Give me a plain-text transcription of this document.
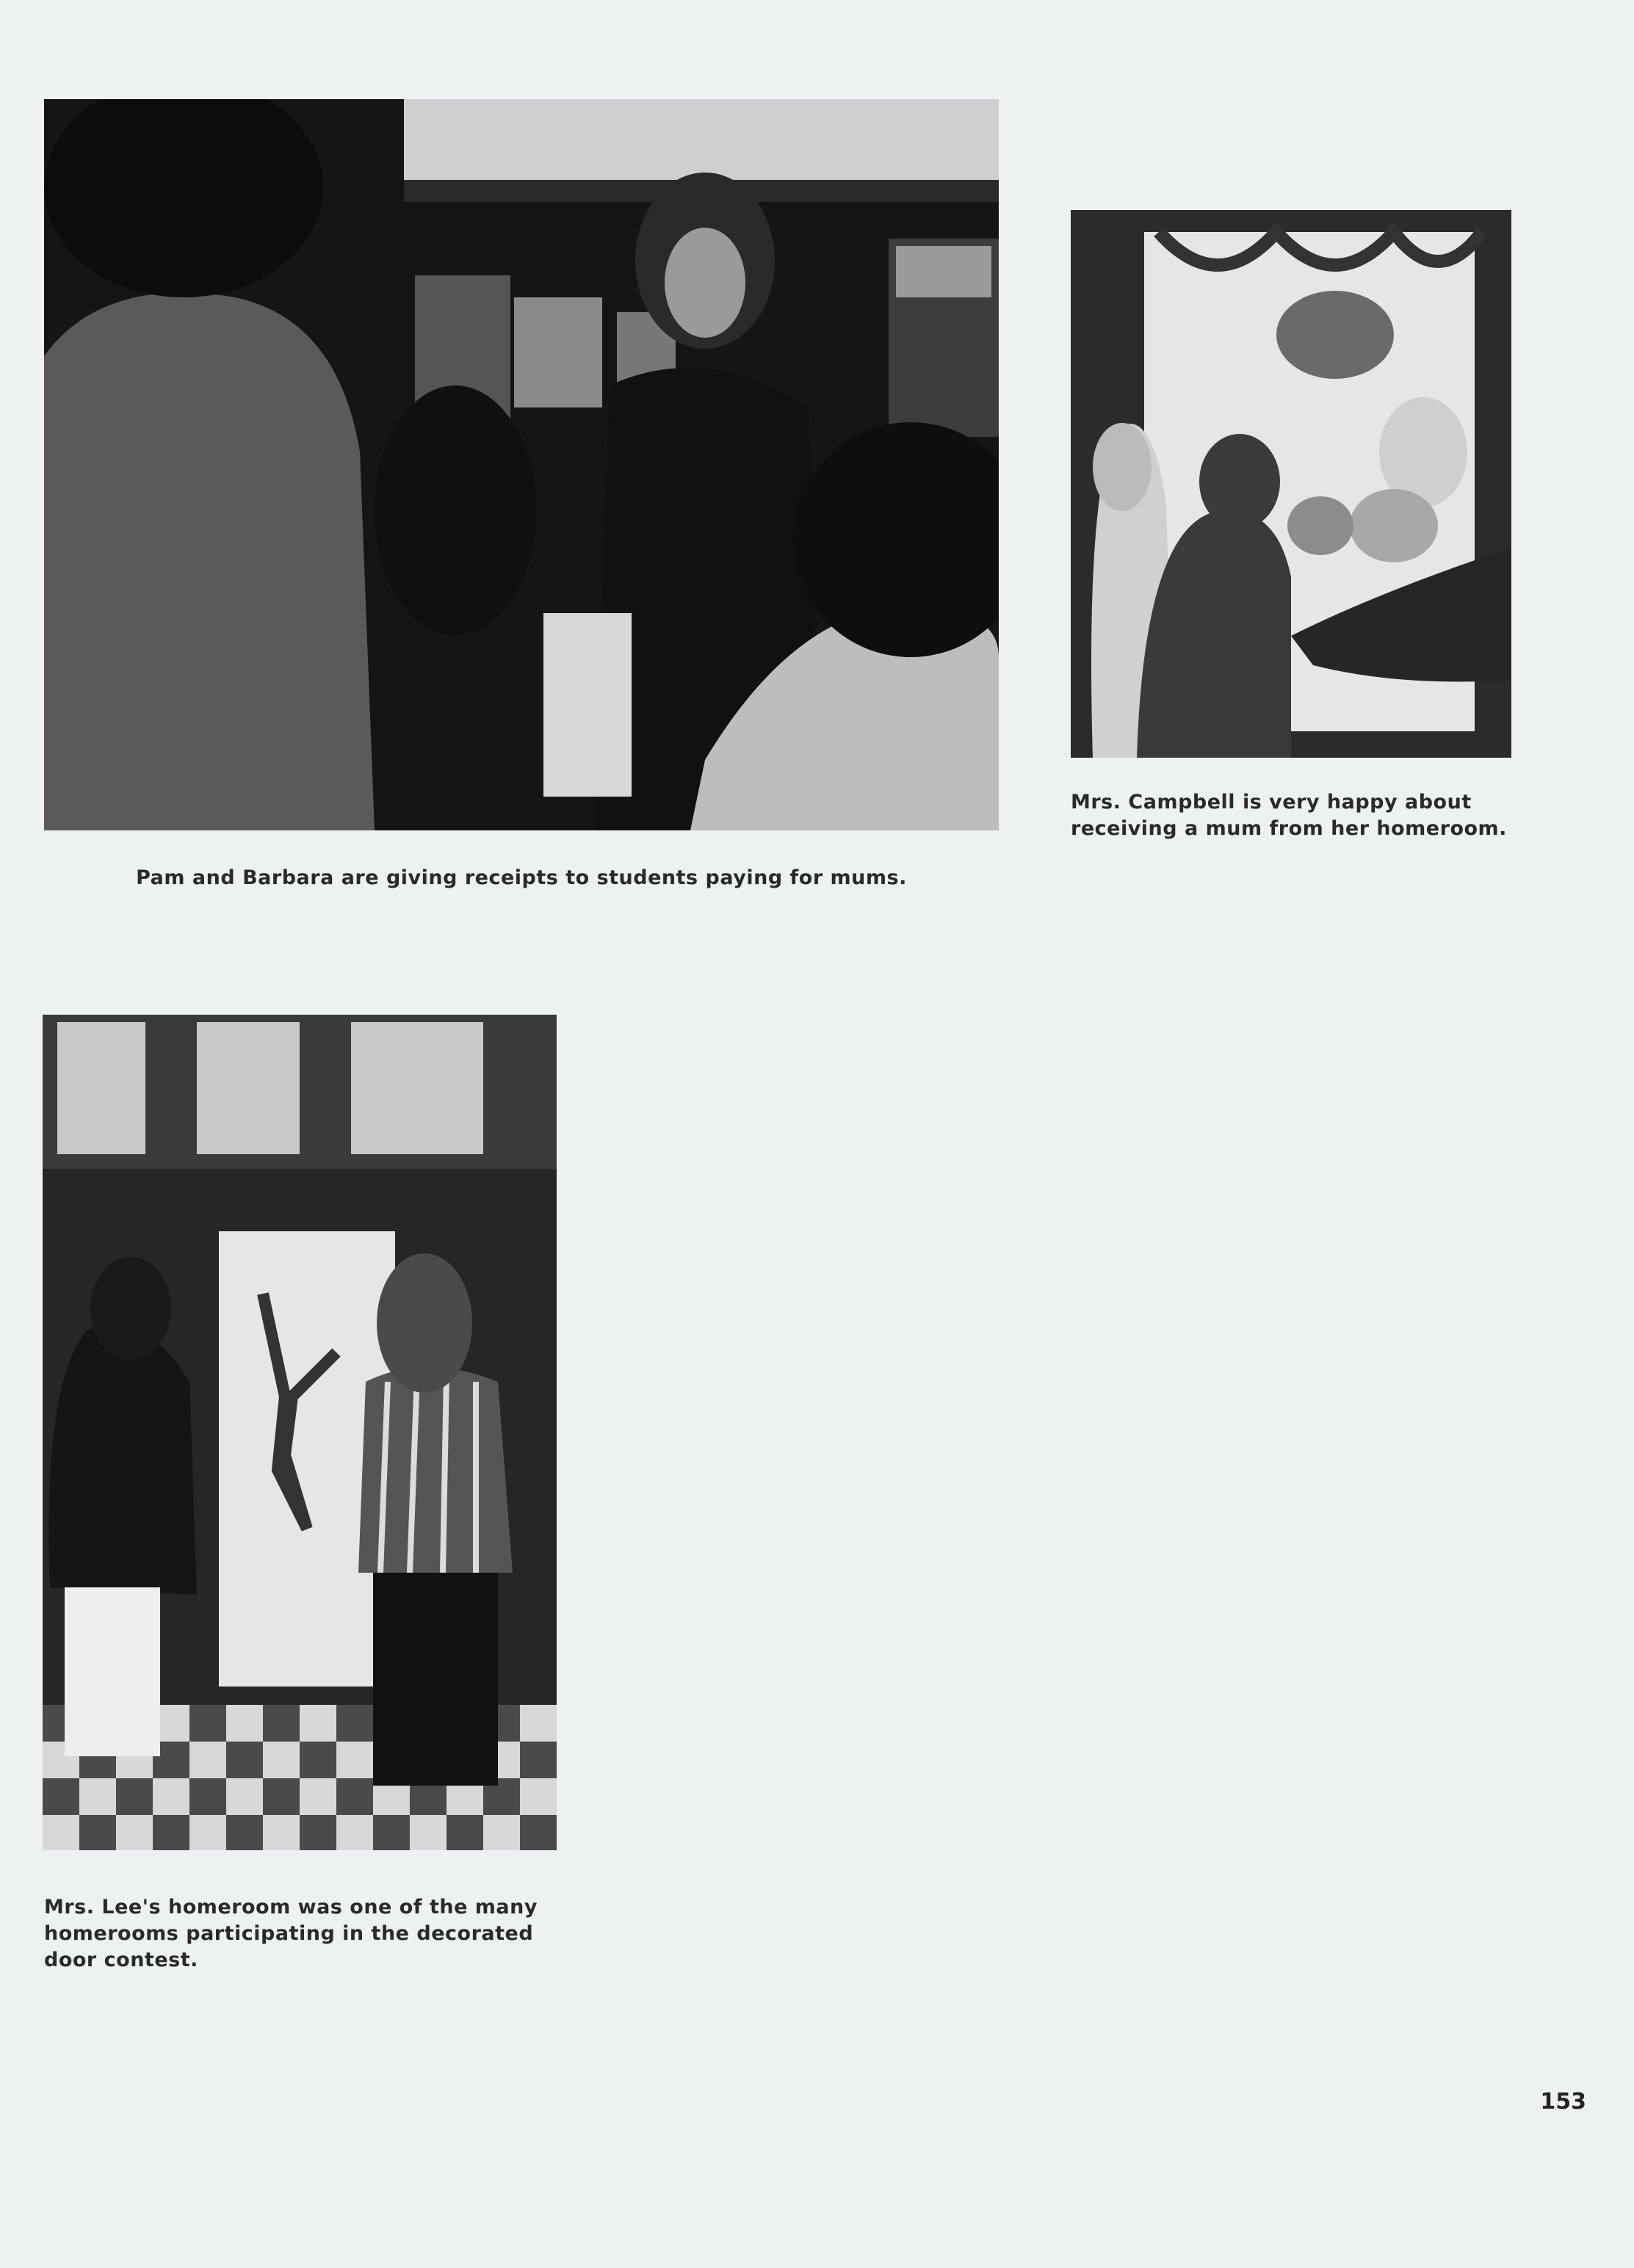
Pam and Barbara are giving receipts to students paying for mums.
Mrs. Campbell is very happy about receiving a mum from her homeroom.
Mrs. Lee's homeroom was one of the many homerooms participating in the decorated door contest.
153
